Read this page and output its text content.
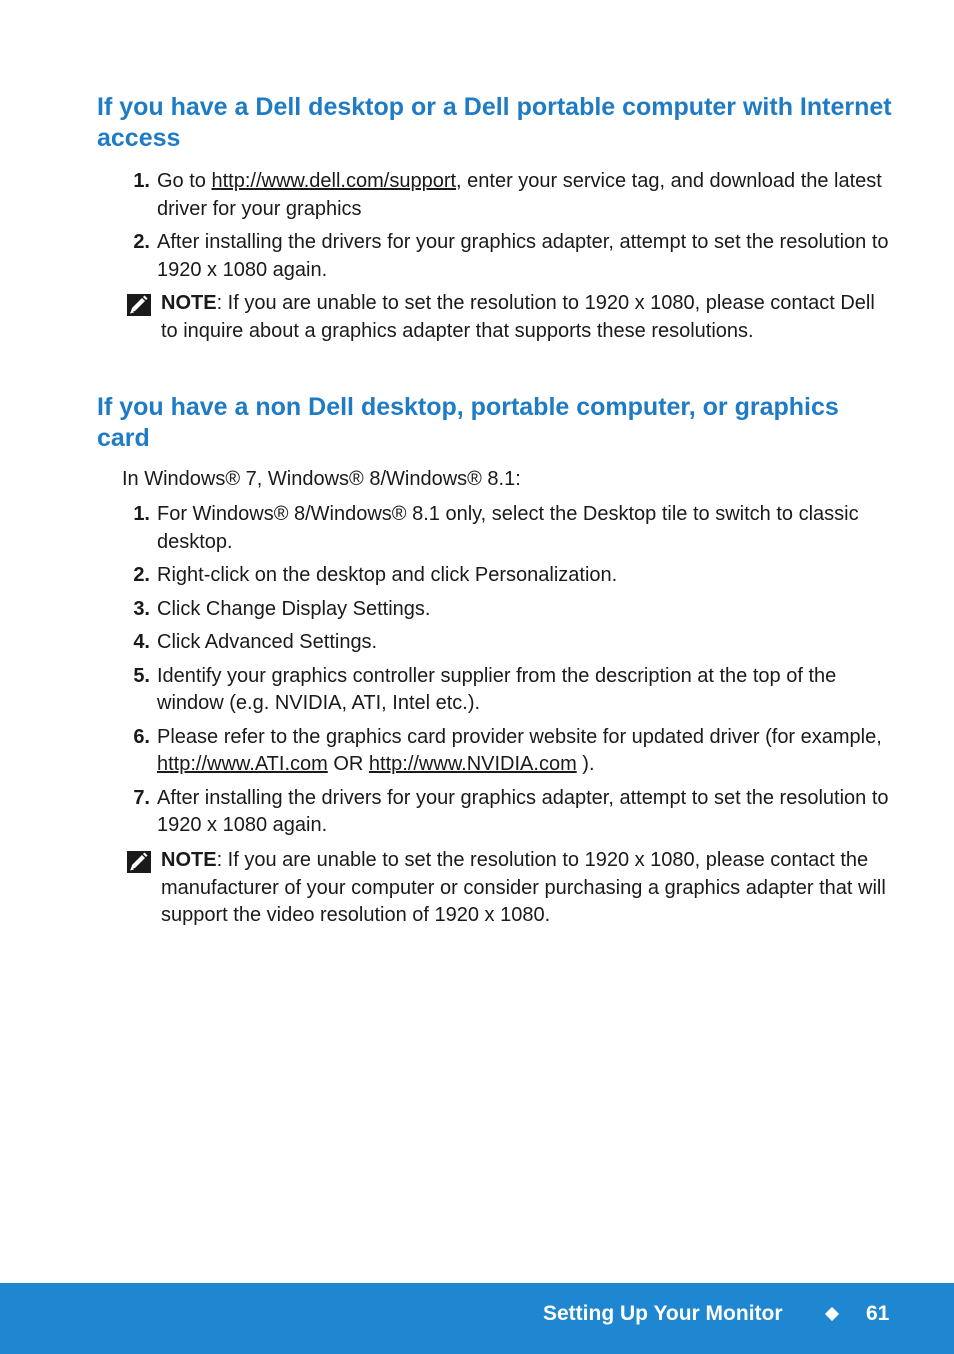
If you have a Dell desktop or a Dell portable computer with Internet access
1. Go to http://www.dell.com/support, enter your service tag, and download the latest driver for your graphics
2. After installing the drivers for your graphics adapter, attempt to set the resolution to 1920 x 1080 again.
NOTE: If you are unable to set the resolution to 1920 x 1080, please contact Dell to inquire about a graphics adapter that supports these resolutions.
If you have a non Dell desktop, portable computer, or graphics card
In Windows® 7, Windows® 8/Windows® 8.1:
1. For Windows® 8/Windows® 8.1 only, select the Desktop tile to switch to classic desktop.
2. Right-click on the desktop and click Personalization.
3. Click Change Display Settings.
4. Click Advanced Settings.
5. Identify your graphics controller supplier from the description at the top of the window (e.g. NVIDIA, ATI, Intel etc.).
6. Please refer to the graphics card provider website for updated driver (for example, http://www.ATI.com OR http://www.NVIDIA.com ).
7. After installing the drivers for your graphics adapter, attempt to set the resolution to 1920 x 1080 again.
NOTE: If you are unable to set the resolution to 1920 x 1080, please contact the manufacturer of your computer or consider purchasing a graphics adapter that will support the video resolution of 1920 x 1080.
Setting Up Your Monitor	61
